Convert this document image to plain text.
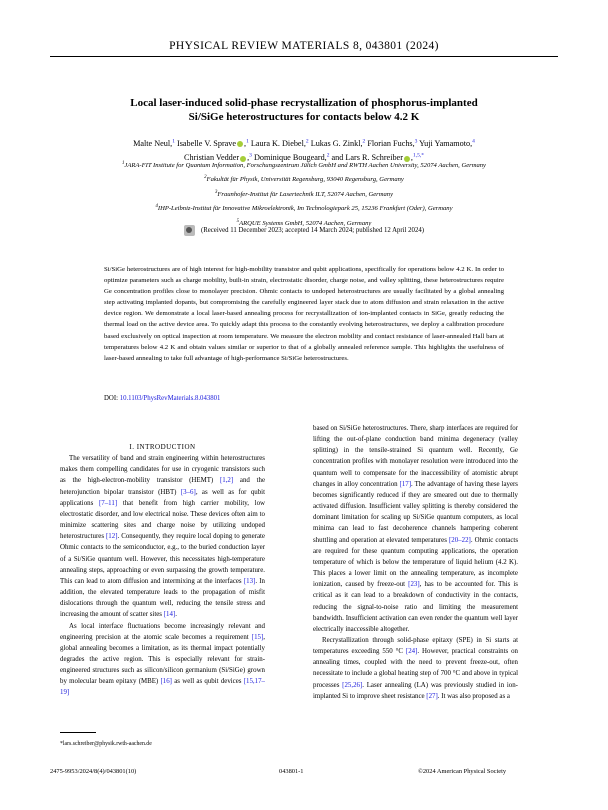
PHYSICAL REVIEW MATERIALS 8, 043801 (2024)
Local laser-induced solid-phase recrystallization of phosphorus-implanted
Si/SiGe heterostructures for contacts below 4.2 K
Malte Neul,$^1$ Isabelle V. Sprave ,$^1$ Laura K. Diebel,$^2$ Lukas G. Zinkl,$^2$ Florian Fuchs,$^3$ Yuji Yamamoto,$^4$
Christian Vedder ,$^3$ Dominique Bougeard,$^2$ and Lars R. Schreiber ,$^{1,5,*}$
$^1$JARA-FIT Institute for Quantum Information, Forschungszentrum Jülich GmbH and RWTH Aachen University, 52074 Aachen, Germany
$^2$Fakultät für Physik, Universität Regensburg, 93040 Regensburg, Germany
$^3$Fraunhofer-Institut für Lasertechnik ILT, 52074 Aachen, Germany
$^4$IHP-Leibniz-Institut für Innovative Mikroelektronik, Im Technologiepark 25, 15236 Frankfurt (Oder), Germany
$^5$ARQUE Systems GmbH, 52074 Aachen, Germany
(Received 11 December 2023; accepted 14 March 2024; published 12 April 2024)
Si/SiGe heterostructures are of high interest for high-mobility transistor and qubit applications, specifically for operations below 4.2 K. In order to optimize parameters such as charge mobility, built-in strain, electrostatic disorder, charge noise, and valley splitting, these heterostructures require Ge concentration profiles close to monolayer precision. Ohmic contacts to undoped heterostructures are usually facilitated by a global annealing step activating implanted dopants, but compromising the carefully engineered layer stack due to atom diffusion and strain relaxation in the active device region. We demonstrate a local laser-based annealing process for recrystallization of ion-implanted contacts in SiGe, greatly reducing the thermal load on the active device area. To quickly adapt this process to the constantly evolving heterostructures, we deploy a calibration procedure based exclusively on optical inspection at room temperature. We measure the electron mobility and contact resistance of laser-annealed Hall bars at temperatures below 4.2 K and obtain values similar or superior to that of a globally annealed reference sample. This highlights the usefulness of laser-based annealing to take full advantage of high-performance Si/SiGe heterostructures.
DOI: 10.1103/PhysRevMaterials.8.043801

I. INTRODUCTION

The versatility of band and strain engineering within heterostructures makes them compelling candidates for use in cryogenic transistors such as the high-electron-mobility transistor (HEMT) [1,2] and the heterojunction bipolar transistor (HBT) [3–6], as well as for qubit applications [7–11] that benefit from high carrier mobility, low electrostatic disorder, and low electrical noise. These devices often aim to minimize scattering sites and charge noise by utilizing undoped heterostructures [12]. Consequently, they require local doping to generate Ohmic contacts to the semiconductor, e.g., to the buried conduction layer of a Si/SiGe quantum well. However, this necessitates high-temperature annealing steps, approaching or even surpassing the growth temperature. This can lead to atom diffusion and intermixing at the interfaces [13]. In addition, the elevated temperature leads to the propagation of misfit dislocations through the quantum well, reducing the tensile stress and increasing the amount of scatter sites [14].

As local interface fluctuations become increasingly relevant and engineering precision at the atomic scale becomes a requirement [15], global annealing becomes a limitation, as its thermal impact potentially degrades the active region. This is especially relevant for strain-engineered structures such as silicon/silicon germanium (Si/SiGe) grown by molecular beam epitaxy (MBE) [16] as well as qubit devices [15,17–19]

based on Si/SiGe heterostructures. There, sharp interfaces are required for lifting the out-of-plane conduction band minima degeneracy (valley splitting) in the tensile-strained Si quantum well. Recently, Ge concentration profiles with monolayer resolution were introduced into the quantum well to compensate for the inaccessibility of atomistic abrupt changes in alloy concentration [17]. The advantage of having these layers becomes significantly reduced if they are smeared out due to thermally activated diffusion. Insufficient valley splitting is thereby considered the dominant limitation for scaling up Si/SiGe quantum computers, as local minima can lead to fast decoherence channels hampering coherent shuttling and operation at elevated temperatures [20–22]. Ohmic contacts are required for these quantum computing applications, the operation temperature of which is below the temperature of liquid helium (4.2 K). This places a lower limit on the annealing temperature, as incomplete ionization, caused by freeze-out [23], has to be accounted for. This is critical as it can lead to a breakdown of conductivity in the contacts, reducing the signal-to-noise ratio and limiting the measurement bandwidth. Insufficient activation can even render the quantum well layer electrically inaccessible altogether.

Recrystallization through solid-phase epitaxy (SPE) in Si starts at temperatures exceeding 550 °C [24]. However, practical constraints on annealing times, coupled with the need to prevent freeze-out, often necessitate to include a global heating step of 700 °C and above in typical processes [25,26]. Laser annealing (LA) was previously studied in ion-implanted Si to improve sheet resistance [27]. It was also proposed as a

*lars.schreiber@physik.rwth-aachen.de
2475-9953/2024/8(4)/043801(10)	043801-1	©2024 American Physical Society
